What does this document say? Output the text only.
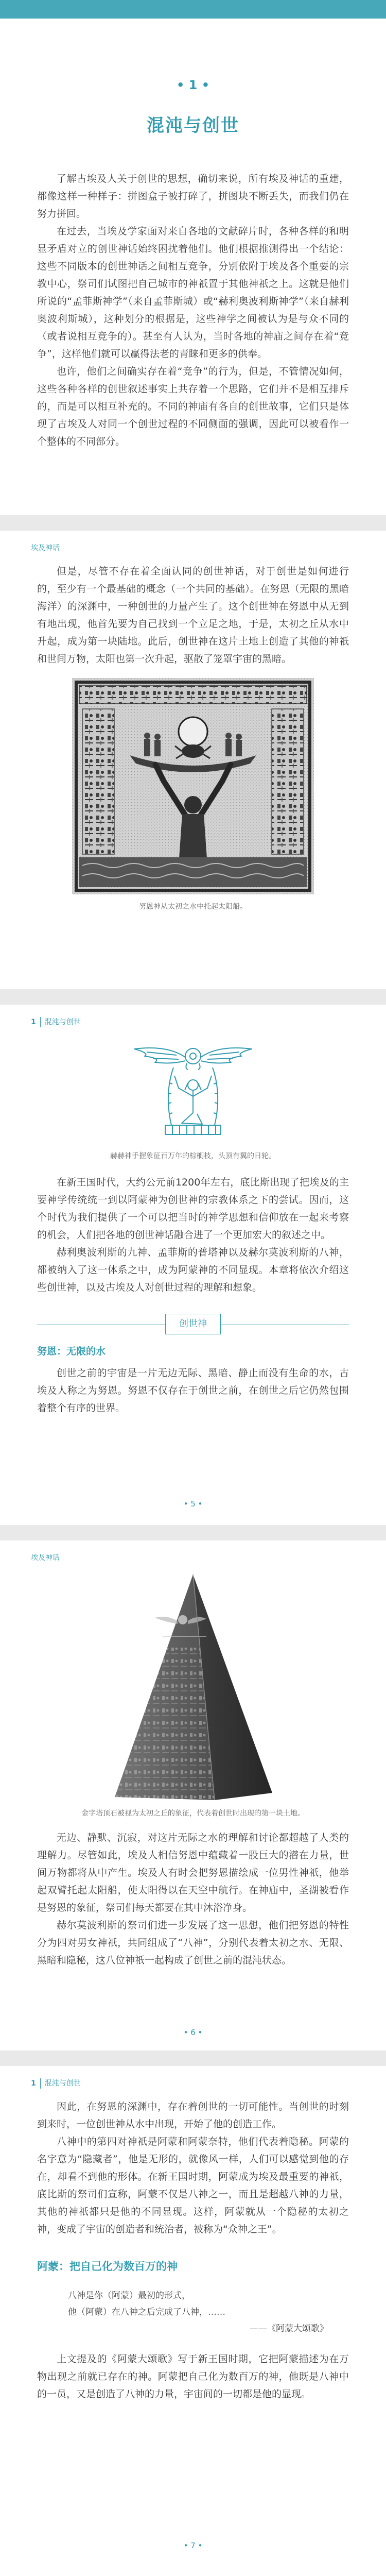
• 1 •
混沌与创世

了解古埃及人关于创世的思想，确切来说，所有埃及神话的重建，都像这样一种样子：拼图盒子被打碎了，拼图块不断丢失，而我们仍在努力拼回。

在过去，当埃及学家面对来自各地的文献碎片时，各种各样的和明显矛盾对立的创世神话始终困扰着他们。他们根据推测得出一个结论：这些不同版本的创世神话之间相互竞争，分别依附于埃及各个重要的宗教中心，祭司们试图把自己城市的神祇置于其他神祇之上。这就是他们所说的“孟菲斯神学”（来自孟菲斯城）或“赫利奥波利斯神学”（来自赫利奥波利斯城），这种划分的根据是，这些神学之间被认为是与众不同的（或者说相互竞争的）。甚至有人认为，当时各地的神庙之间存在着“竞争”，这样他们就可以赢得法老的青睐和更多的供奉。

也许，他们之间确实存在着“竞争”的行为，但是，不管情况如何，这些各种各样的创世叙述事实上共存着一个思路，它们并不是相互排斥的，而是可以相互补充的。不同的神庙有各自的创世故事，它们只是体现了古埃及人对同一个创世过程的不同侧面的强调，因此可以被看作一个整体的不同部分。

埃及神话

但是，尽管不存在着全面认同的创世神话，对于创世是如何进行的，至少有一个最基础的概念（一个共同的基础）。在努恩（无限的黑暗海洋）的深渊中，一种创世的力量产生了。这个创世神在努恩中从无到有地出现，他首先要为自己找到一个立足之地，于是，太初之丘从水中升起，成为第一块陆地。此后，创世神在这片土地上创造了其他的神祇和世间万物，太阳也第一次升起，驱散了笼罩宇宙的黑暗。

努恩神从太初之水中托起太阳船。
1 混沌与创世
赫赫神手握象征百万年的棕榈枝，头顶有翼的日轮。

在新王国时代，大约公元前1200年左右，底比斯出现了把埃及的主要神学传统统一到以阿蒙神为创世神的宗教体系之下的尝试。因而，这个时代为我们提供了一个可以把当时的神学思想和信仰放在一起来考察的机会，人们把各地的创世神话融合进了一个更加宏大的叙述之中。

赫利奥波利斯的九神、孟菲斯的普塔神以及赫尔莫波利斯的八神，都被纳入了这一体系之中，成为阿蒙神的不同显现。本章将依次介绍这些创世神，以及古埃及人对创世过程的理解和想象。

创世神
努恩：无限的水

创世之前的宇宙是一片无边无际、黑暗、静止而没有生命的水，古埃及人称之为努恩。努恩不仅存在于创世之前，在创世之后它仍然包围着整个有序的世界。

• 5 •
埃及神话
金字塔顶石被视为太初之丘的象征，代表着创世时出现的第一块土地。

无边、静默、沉寂，对这片无际之水的理解和讨论都超越了人类的理解力。尽管如此，埃及人相信努恩中蕴藏着一股巨大的潜在力量，世间万物都将从中产生。埃及人有时会把努恩描绘成一位男性神祇，他举起双臂托起太阳船，使太阳得以在天空中航行。在神庙中，圣湖被看作是努恩的象征，祭司们每天都要在其中沐浴净身。

赫尔莫波利斯的祭司们进一步发展了这一思想，他们把努恩的特性分为四对男女神祇，共同组成了“八神”，分别代表着太初之水、无限、黑暗和隐秘，这八位神祇一起构成了创世之前的混沌状态。

• 6 •
1 混沌与创世

因此，在努恩的深渊中，存在着创世的一切可能性。当创世的时刻到来时，一位创世神从水中出现，开始了他的创造工作。

八神中的第四对神祇是阿蒙和阿蒙奈特，他们代表着隐秘。阿蒙的名字意为“隐藏者”，他是无形的，就像风一样，人们可以感觉到他的存在，却看不到他的形体。在新王国时期，阿蒙成为埃及最重要的神祇，底比斯的祭司们宣称，阿蒙不仅是八神之一，而且是超越八神的力量，其他的神祇都只是他的不同显现。这样，阿蒙就从一个隐秘的太初之神，变成了宇宙的创造者和统治者，被称为“众神之王”。

阿蒙：把自己化为数百万的神
八神是你（阿蒙）最初的形式，
他（阿蒙）在八神之后完成了八神，……
——《阿蒙大颂歌》

上文提及的《阿蒙大颂歌》写于新王国时期，它把阿蒙描述为在万物出现之前就已存在的神。阿蒙把自己化为数百万的神，他既是八神中的一员，又是创造了八神的力量，宇宙间的一切都是他的显现。

• 7 •
